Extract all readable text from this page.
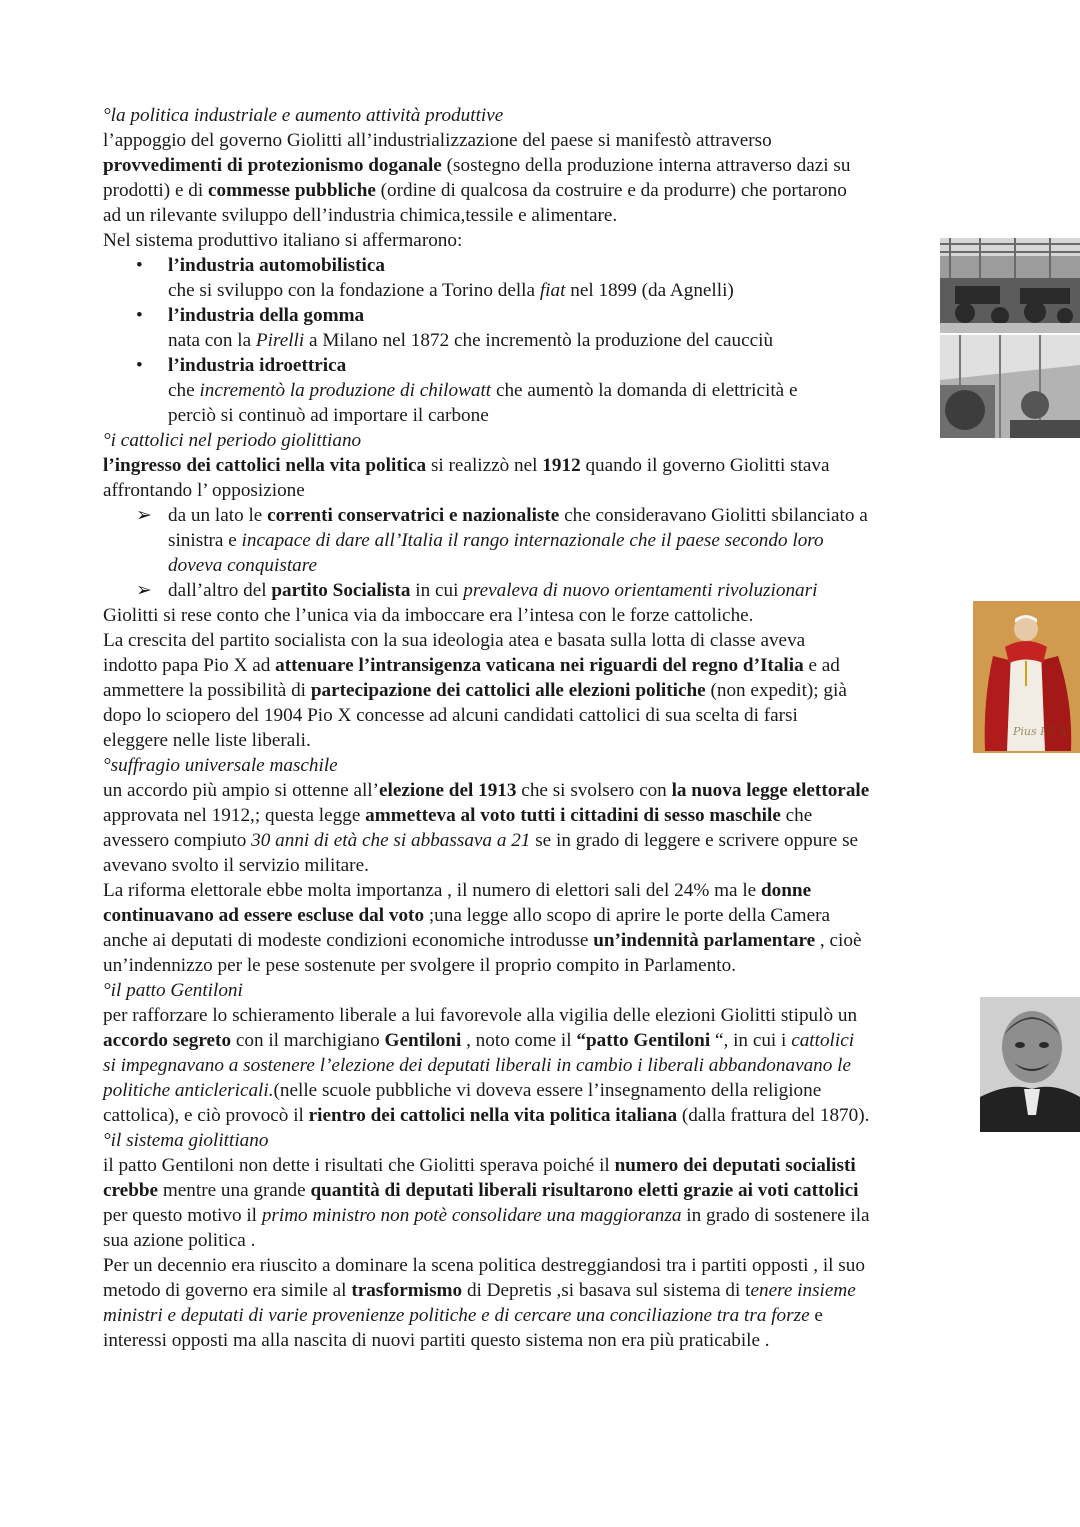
Pius PP. X
°la politica industriale e aumento attività produttive
l’appoggio del governo Giolitti all’industrializzazione del paese si manifestò attraverso
provvedimenti di protezionismo doganale (sostegno della produzione interna attraverso dazi su
prodotti) e di commesse pubbliche (ordine di qualcosa da costruire e da produrre) che portarono
ad un rilevante sviluppo dell’industria chimica,tessile e alimentare.
Nel sistema produttivo italiano si affermarono:
• l’industria automobilistica
che si sviluppo con la fondazione a Torino della fiat nel 1899 (da Agnelli)
• l’industria della gomma
nata con la Pirelli a Milano nel 1872 che incrementò la produzione del caucciù
• l’industria idroettrica
che incrementò la produzione di chilowatt che aumentò la domanda di elettricità e
perciò si continuò ad importare il carbone
°i cattolici nel periodo giolittiano
l’ingresso dei cattolici nella vita politica si realizzò nel 1912 quando il governo Giolitti stava
affrontando l’ opposizione
➢ da un lato le correnti conservatrici e nazionaliste che consideravano Giolitti sbilanciato a
sinistra e incapace di dare all’Italia il rango internazionale che il paese secondo loro
doveva conquistare
➢ dall’altro del partito Socialista in cui prevaleva di nuovo orientamenti rivoluzionari
Giolitti si rese conto che l’unica via da imboccare era l’intesa con le forze cattoliche.
La crescita del partito socialista con la sua ideologia atea e basata sulla lotta di classe aveva
indotto papa Pio X ad attenuare l’intransigenza vaticana nei riguardi del regno d’Italia e ad
ammettere la possibilità di partecipazione dei cattolici alle elezioni politiche (non expedit); già
dopo lo sciopero del 1904 Pio X concesse ad alcuni candidati cattolici di sua scelta di farsi
eleggere nelle liste liberali.
°suffragio universale maschile
un accordo più ampio si ottenne all’elezione del 1913 che si svolsero con la nuova legge elettorale
approvata nel 1912,; questa legge ammetteva al voto tutti i cittadini di sesso maschile che
avessero compiuto 30 anni di età che si abbassava a 21 se in grado di leggere e scrivere oppure se
avevano svolto il servizio militare.
La riforma elettorale ebbe molta importanza , il numero di elettori sali del 24% ma le donne
continuavano ad essere escluse dal voto ;una legge allo scopo di aprire le porte della Camera
anche ai deputati di modeste condizioni economiche introdusse un’indennità parlamentare , cioè
un’indennizzo per le pese sostenute per svolgere il proprio compito in Parlamento.
°il patto Gentiloni
per rafforzare lo schieramento liberale a lui favorevole alla vigilia delle elezioni Giolitti stipulò un
accordo segreto con il marchigiano Gentiloni , noto come il “patto Gentiloni “, in cui i cattolici
si impegnavano a sostenere l’elezione dei deputati liberali in cambio i liberali abbandonavano le
politiche anticlericali.(nelle scuole pubbliche vi doveva essere l’insegnamento della religione
cattolica), e ciò provocò il rientro dei cattolici nella vita politica italiana (dalla frattura del 1870).
°il sistema giolittiano
il patto Gentiloni non dette i risultati che Giolitti sperava poiché il numero dei deputati socialisti
crebbe mentre una grande quantità di deputati liberali risultarono eletti grazie ai voti cattolici
per questo motivo il primo ministro non potè consolidare una maggioranza in grado di sostenere ila
sua azione politica .
Per un decennio era riuscito a dominare la scena politica destreggiandosi tra i partiti opposti , il suo
metodo di governo era simile al trasformismo di Depretis ,si basava sul sistema di tenere insieme
ministri e deputati di varie provenienze politiche e di cercare una conciliazione tra tra forze e
interessi opposti ma alla nascita di nuovi partiti questo sistema non era più praticabile .
